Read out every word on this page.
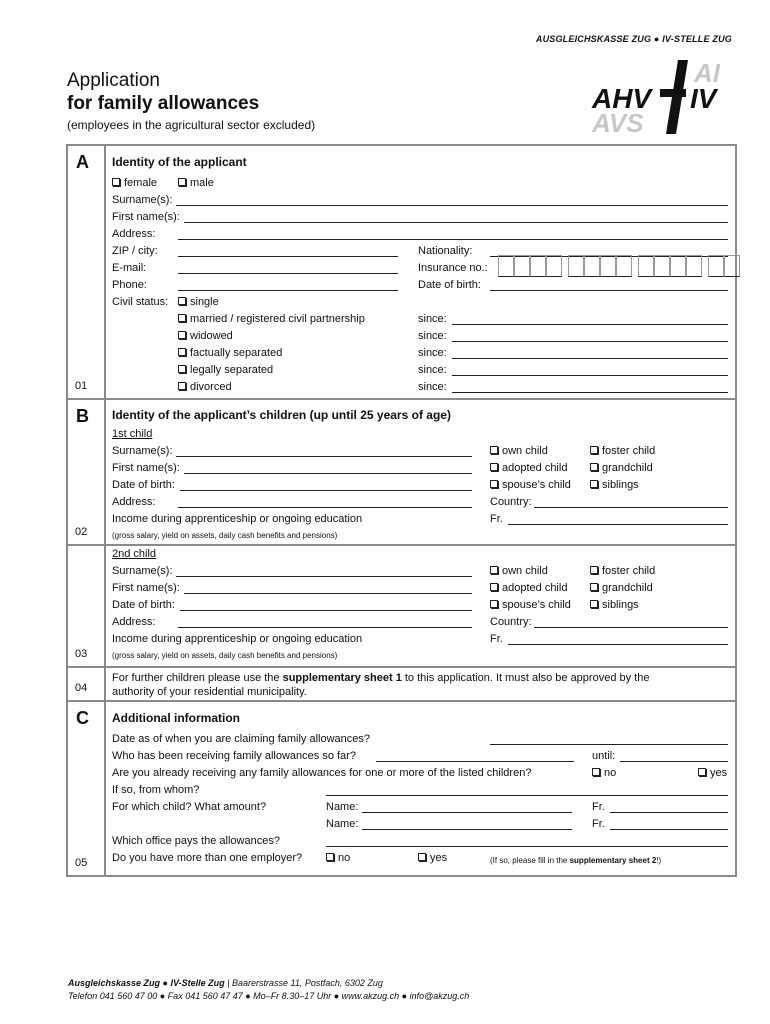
AUSGLEICHSKASSE ZUG ● IV-STELLE ZUG
Application
for family allowances
(employees in the agricultural sector excluded)
AHV
AVS
AI
IV
A
01
Identity of the applicant
female	male
Surname(s):
First name(s):
Address:
ZIP / city:
E-mail:
Phone:
Nationality:
Insurance no.:
Date of birth:
Civil status:	single
married / registered civil partnership	since:
widowed	since:
factually separated	since:
legally separated	since:
divorced	since:
B
02
Identity of the applicant’s children (up until 25 years of age)
1st child
Surname(s):
First name(s):
Date of birth:
Address:
Income during apprenticeship or ongoing education
(gross salary, yield on assets, daily cash benefits and pensions)
own child	foster child
adopted child	grandchild
spouse’s child	siblings
Country:
Fr.
03
2nd child
Surname(s):
First name(s):
Date of birth:
Address:
Income during apprenticeship or ongoing education
(gross salary, yield on assets, daily cash benefits and pensions)
own child	foster child
adopted child	grandchild
spouse’s child	siblings
Country:
Fr.
04
For further children please use the supplementary sheet 1 to this application. It must also be approved by the
authority of your residential municipality.
C
05
Additional information
Date as of when you are claiming family allowances?
Who has been receiving family allowances so far?	until:
Are you already receiving any family allowances for one or more of the listed children?	no	yes
If so, from whom?
For which child? What amount?	Name:	Fr.
Name:	Fr.
Which office pays the allowances?
Do you have more than one employer?	no	yes	(If so, please fill in the supplementary sheet 2!)
Ausgleichskasse Zug ● IV-Stelle Zug | Baarerstrasse 11, Postfach, 6302 Zug
Telefon 041 560 47 00 ● Fax 041 560 47 47 ● Mo–Fr 8.30–17 Uhr ● www.akzug.ch ● info@akzug.ch
